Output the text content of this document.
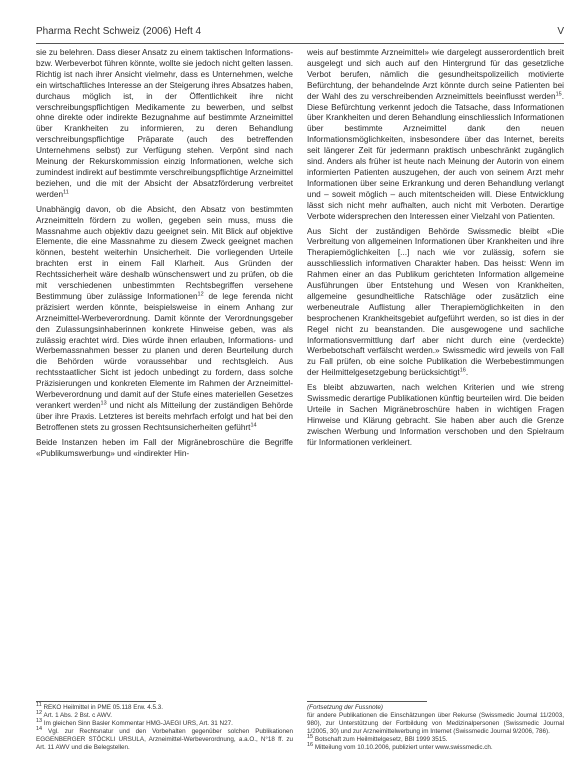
Pharma Recht Schweiz (2006) Heft 4	V

sie zu belehren. Dass dieser Ansatz zu einem taktischen Informations- bzw. Werbeverbot führen könnte, wollte sie jedoch nicht gelten lassen. Richtig ist nach ihrer Ansicht vielmehr, dass es Unternehmen, welche ein wirtschaftliches Interesse an der Steigerung ihres Absatzes haben, durchaus möglich ist, in der Öffentlichkeit ihre nicht verschreibungspflichtigen Medikamente zu bewerben, und selbst ohne direkte oder indirekte Bezugnahme auf bestimmte Arzneimittel über Krankheiten zu informieren, zu deren Behandlung verschreibungspflichtige Präparate (auch des betreffenden Unternehmens selbst) zur Verfügung stehen. Verpönt sind nach Meinung der Rekurskommission einzig Informationen, welche sich zumindest indirekt auf bestimmte verschreibungspflichtige Arzneimittel beziehen, und die mit der Absicht der Absatzförderung verbreitet werden$^{11}$

Unabhängig davon, ob die Absicht, den Absatz von bestimmten Arzneimitteln fördern zu wollen, gegeben sein muss, muss die Massnahme auch objektiv dazu geeignet sein. Mit Blick auf objektive Elemente, die eine Massnahme zu diesem Zweck geeignet machen können, besteht weiterhin Unsicherheit. Die vorliegenden Urteile brachten erst in einem Fall Klarheit. Aus Gründen der Rechtssicherheit wäre deshalb wünschenswert und zu prüfen, ob die mit verschiedenen unbestimmten Rechtsbegriffen versehene Bestimmung über zulässige Informationen$^{12}$ de lege ferenda nicht präzisiert werden könnte, beispielsweise in einem Anhang zur Arzneimittel-Werbeverordnung. Damit könnte der Verordnungsgeber den Zulassungsinhaberinnen konkrete Hinweise geben, was als zulässig erachtet wird. Dies würde ihnen erlauben, Informations- und Werbemassnahmen besser zu planen und deren Beurteilung durch die Behörden würde voraussehbar und rechtsgleich. Aus rechtsstaatlicher Sicht ist jedoch unbedingt zu fordern, dass solche Präzisierungen und konkreten Elemente im Rahmen der Arzneimittel-Werbeverordnung und damit auf der Stufe eines materiellen Gesetzes verankert werden$^{13}$ und nicht als Mitteilung der zuständigen Behörde über ihre Praxis. Letzteres ist bereits mehrfach erfolgt und hat bei den Betroffenen stets zu grossen Rechtsunsicherheiten geführt$^{14}$

Beide Instanzen heben im Fall der Migränebroschüre die Begriffe «Publikumswerbung» und «indirekter Hin-

weis auf bestimmte Arzneimittel» wie dargelegt ausserordentlich breit ausgelegt und sich auch auf den Hintergrund für das gesetzliche Verbot berufen, nämlich die gesundheitspolizeilich motivierte Befürchtung, der behandelnde Arzt könnte durch seine Patienten bei der Wahl des zu verschreibenden Arzneimittels beeinflusst werden$^{15}$. Diese Befürchtung verkennt jedoch die Tatsache, dass Informationen über Krankheiten und deren Behandlung einschliesslich Informationen über bestimmte Arzneimittel dank den neuen Informationsmöglichkeiten, insbesondere über das Internet, bereits seit längerer Zeit für jedermann praktisch unbeschränkt zugänglich sind. Anders als früher ist heute nach Meinung der Autorin von einem informierten Patienten auszugehen, der auch von seinem Arzt mehr Informationen über seine Erkrankung und deren Behandlung verlangt und – soweit möglich – auch mitentscheiden will. Diese Entwicklung lässt sich nicht mehr aufhalten, auch nicht mit Verboten. Derartige Verbote widersprechen den Interessen einer Vielzahl von Patienten.

Aus Sicht der zuständigen Behörde Swissmedic bleibt «Die Verbreitung von allgemeinen Informationen über Krankheiten und ihre Therapiemöglichkeiten [...] nach wie vor zulässig, sofern sie ausschliesslich informativen Charakter haben. Das heisst: Wenn im Rahmen einer an das Publikum gerichteten Information allgemeine Ausführungen über Entstehung und Wesen von Krankheiten, allgemeine gesundheitliche Ratschläge oder zusätzlich eine werbeneutrale Auflistung aller Therapiemöglichkeiten in den besprochenen Krankheitsgebiet aufgeführt werden, so ist dies in der Regel nicht zu beanstanden. Die ausgewogene und sachliche Informationsvermittlung darf aber nicht durch eine (verdeckte) Werbebotschaft verfälscht werden.» Swissmedic wird jeweils von Fall zu Fall prüfen, ob eine solche Publikation die Werbebestimmungen der Heilmittelgesetzgebung berücksichtigt$^{16}$.

Es bleibt abzuwarten, nach welchen Kriterien und wie streng Swissmedic derartige Publikationen künftig beurteilen wird. Die beiden Urteile in Sachen Migränebroschüre haben in wichtigen Fragen Hinweise und Klärung gebracht. Sie haben aber auch die Grenze zwischen Werbung und Information verschoben und den Spielraum für Informationen verkleinert.

$^{11}$ REKO Heilmittel in PME 05.118 Erw. 4.5.3.
$^{12}$ Art. 1 Abs. 2 Bst. c AWV.
$^{13}$ Im gleichen Sinn Basler Kommentar HMG-JAEGI URS, Art. 31 N27.
$^{14}$ Vgl. zur Rechtsnatur und den Vorbehalten gegenüber solchen Publikationen EGGENBERGER STÖCKLI URSULA, Arzneimittel-Werbeverordnung, a.a.O., N°18 ff. zu Art. 11 AWV und die Belegstellen.
(Fortsetzung der Fussnote)
für andere Publikationen die Einschätzungen über Rekurse (Swissmedic Journal 11/2003, 980), zur Unterstützung der Fortbildung von Medizinalpersonen (Swissmedic Journal 1/2005, 30) und zur Arzneimittelwerbung im Internet (Swissmedic Journal 9/2006, 786).
$^{15}$ Botschaft zum Heilmittelgesetz, BBl 1999 3515.
$^{16}$ Mitteilung vom 10.10.2006, publiziert unter www.swissmedic.ch.
